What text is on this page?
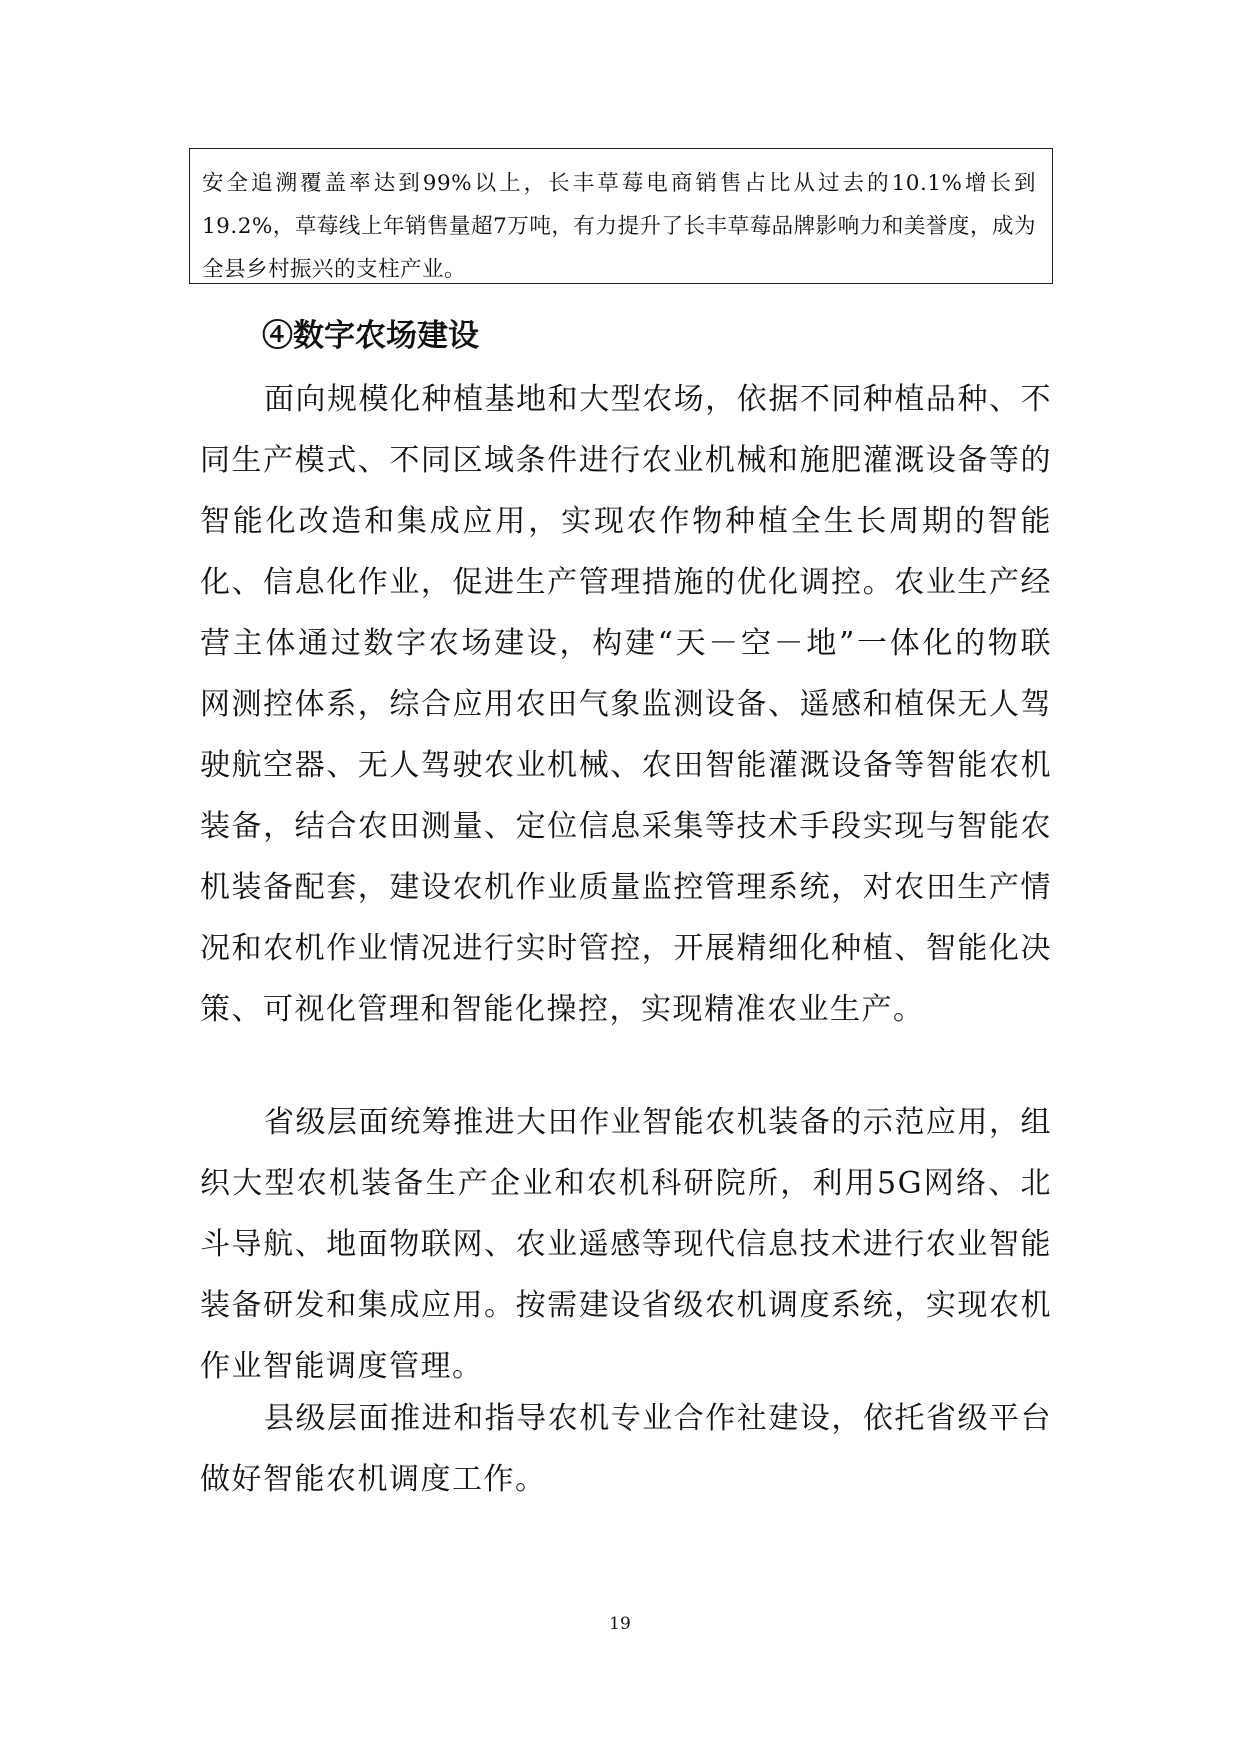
安全追溯覆盖率达到99%以上，长丰草莓电商销售占比从过去的10.1%增长到19.2%，草莓线上年销售量超7万吨，有力提升了长丰草莓品牌影响力和美誉度，成为全县乡村振兴的支柱产业。
④数字农场建设

面向规模化种植基地和大型农场，依据不同种植品种、不同生产模式、不同区域条件进行农业机械和施肥灌溉设备等的智能化改造和集成应用，实现农作物种植全生长周期的智能化、信息化作业，促进生产管理措施的优化调控。农业生产经营主体通过数字农场建设，构建“天－空－地”一体化的物联网测控体系，综合应用农田气象监测设备、遥感和植保无人驾驶航空器、无人驾驶农业机械、农田智能灌溉设备等智能农机装备，结合农田测量、定位信息采集等技术手段实现与智能农机装备配套，建设农机作业质量监控管理系统，对农田生产情况和农机作业情况进行实时管控，开展精细化种植、智能化决策、可视化管理和智能化操控，实现精准农业生产。

省级层面统筹推进大田作业智能农机装备的示范应用，组织大型农机装备生产企业和农机科研院所，利用5G网络、北斗导航、地面物联网、农业遥感等现代信息技术进行农业智能装备研发和集成应用。按需建设省级农机调度系统，实现农机作业智能调度管理。

县级层面推进和指导农机专业合作社建设，依托省级平台做好智能农机调度工作。

19
